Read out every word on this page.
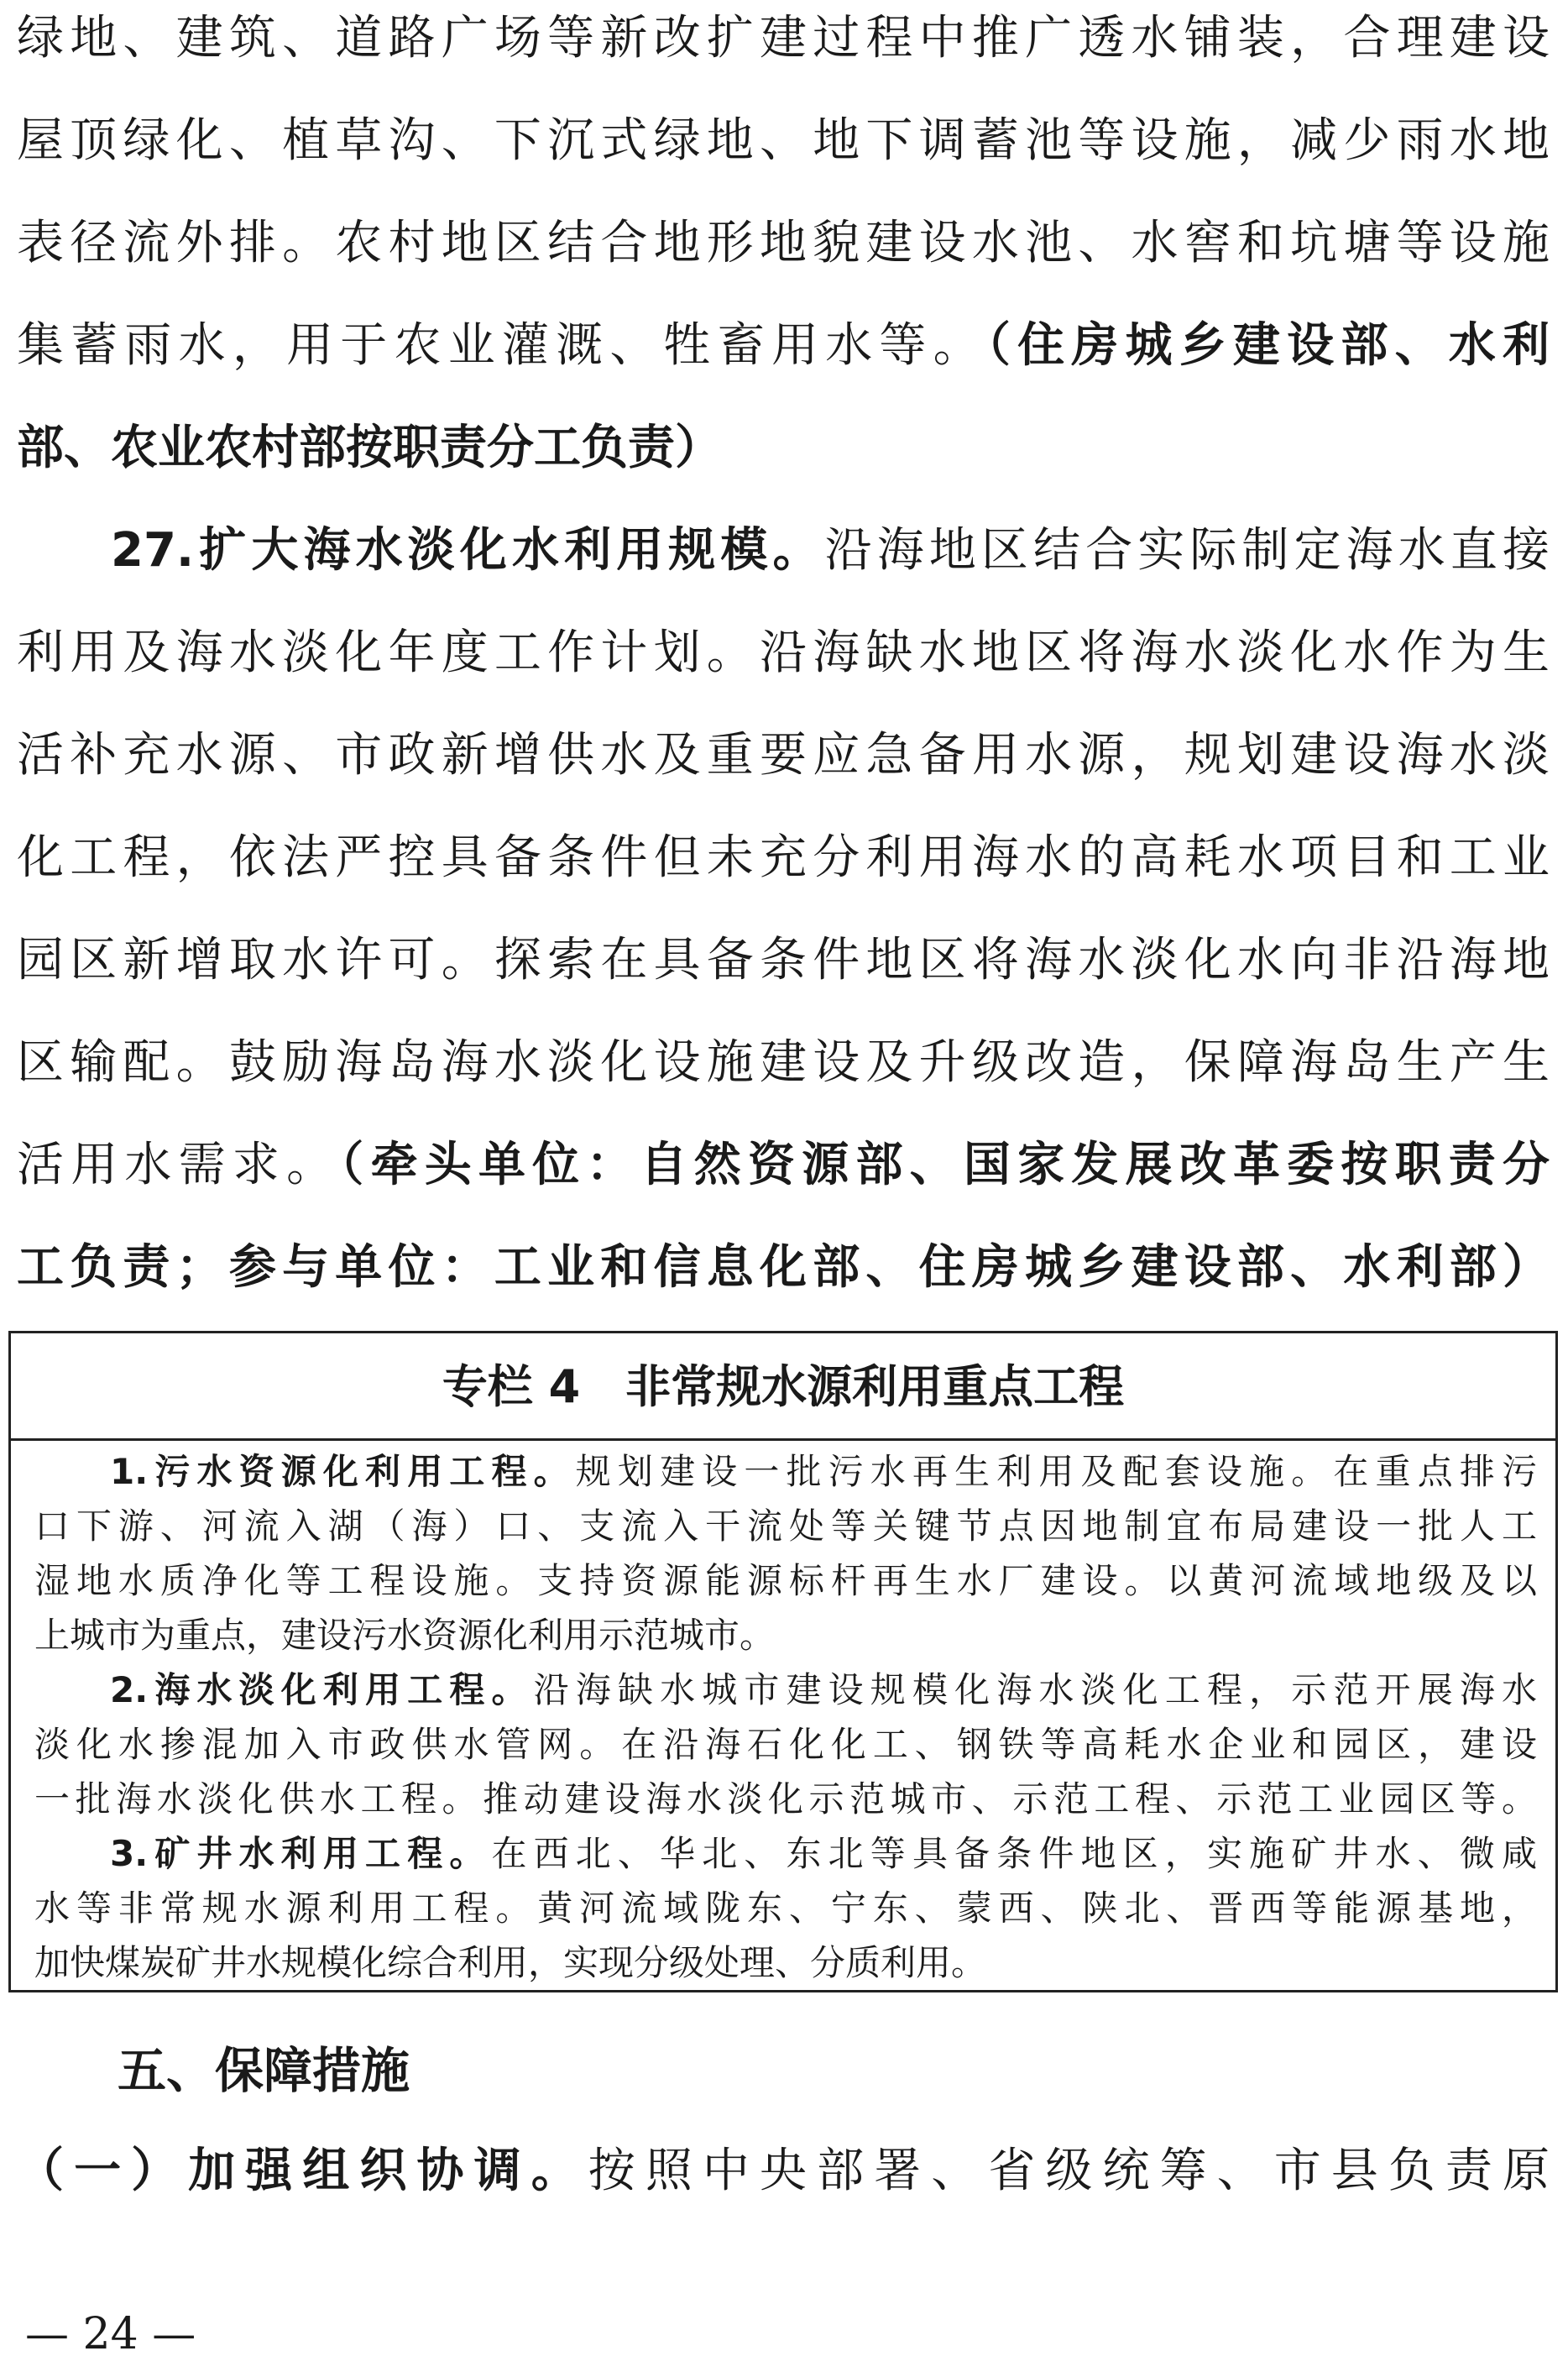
绿地、建筑、道路广场等新改扩建过程中推广透水铺装，合理建设
屋顶绿化、植草沟、下沉式绿地、地下调蓄池等设施，减少雨水地
表径流外排。农村地区结合地形地貌建设水池、水窖和坑塘等设施
集蓄雨水，用于农业灌溉、牲畜用水等。（住房城乡建设部、水利
部、农业农村部按职责分工负责）
27.扩大海水淡化水利用规模。沿海地区结合实际制定海水直接
利用及海水淡化年度工作计划。沿海缺水地区将海水淡化水作为生
活补充水源、市政新增供水及重要应急备用水源，规划建设海水淡
化工程，依法严控具备条件但未充分利用海水的高耗水项目和工业
园区新增取水许可。探索在具备条件地区将海水淡化水向非沿海地
区输配。鼓励海岛海水淡化设施建设及升级改造，保障海岛生产生
活用水需求。（牵头单位：自然资源部、国家发展改革委按职责分
工负责；参与单位：工业和信息化部、住房城乡建设部、水利部）
专栏 4　非常规水源利用重点工程
1.污水资源化利用工程。规划建设一批污水再生利用及配套设施。在重点排污
口下游、河流入湖（海）口、支流入干流处等关键节点因地制宜布局建设一批人工
湿地水质净化等工程设施。支持资源能源标杆再生水厂建设。以黄河流域地级及以
上城市为重点，建设污水资源化利用示范城市。
2.海水淡化利用工程。沿海缺水城市建设规模化海水淡化工程，示范开展海水
淡化水掺混加入市政供水管网。在沿海石化化工、钢铁等高耗水企业和园区，建设
一批海水淡化供水工程。推动建设海水淡化示范城市、示范工程、示范工业园区等。
3.矿井水利用工程。在西北、华北、东北等具备条件地区，实施矿井水、微咸
水等非常规水源利用工程。黄河流域陇东、宁东、蒙西、陕北、晋西等能源基地，
加快煤炭矿井水规模化综合利用，实现分级处理、分质利用。
五、保障措施
（一）加强组织协调。按照中央部署、省级统筹、市县负责原
— 24 —
